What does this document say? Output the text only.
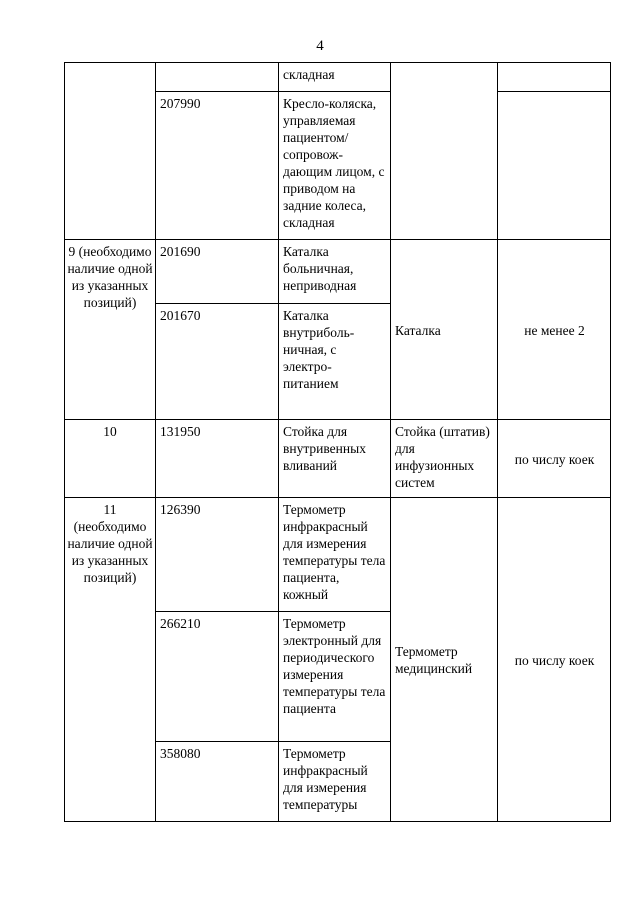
4
		складная		
	207990	Кресло-коляска, управляемая пациентом/ сопровож-дающим лицом, с приводом на задние колеса, складная		
9 (необходимо наличие одной из указанных позиций)	201690	Каталка больничная, неприводная	Каталка	не менее 2
	201670	Каталка внутриболь-ничная, с электро-питанием		
10	131950	Стойка для внутривенных вливаний	Стойка (штатив) для инфузионных систем	по числу коек
11 (необходимо наличие одной из указанных позиций)	126390	Термометр инфракрасный для измерения температуры тела пациента, кожный	Термометр медицинский	по числу коек
	266210	Термометр электронный для периодического измерения температуры тела пациента		
	358080	Термометр инфракрасный для измерения температуры		
